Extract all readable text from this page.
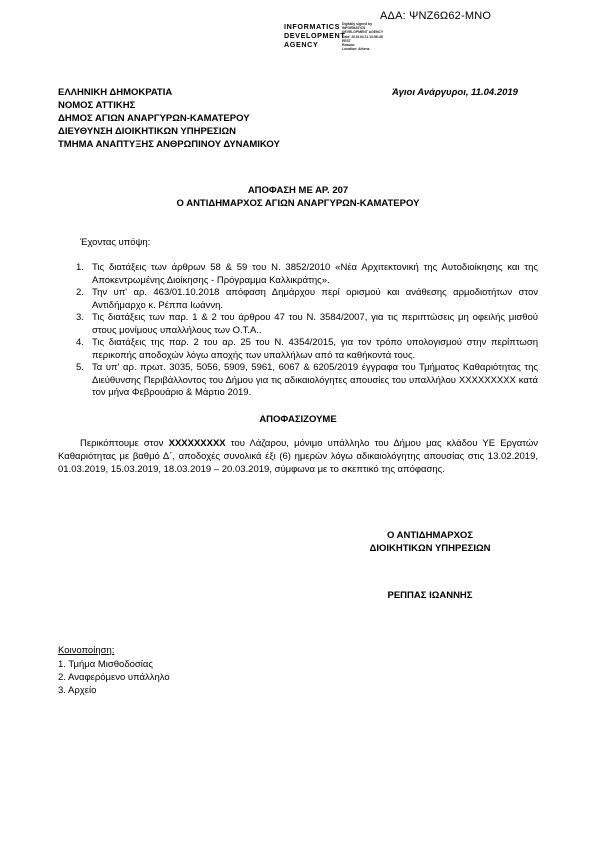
ΑΔΑ: ΨΝΖ6Ω62-ΜΝΟ
INFORMATICS
DEVELOPMENT
AGENCY
Digitally signed by
INFORMATICS
DEVELOPMENT AGENCY
Date: 2019.04.11 13:56:38
EEST
Reason:
Location: Athens
ΕΛΛΗΝΙΚΗ ΔΗΜΟΚΡΑΤΙΑ
ΝΟΜΟΣ ΑΤΤΙΚΗΣ
ΔΗΜΟΣ ΑΓΙΩΝ ΑΝΑΡΓΥΡΩΝ-ΚΑΜΑΤΕΡΟΥ
ΔΙΕΥΘΥΝΣΗ ΔΙΟΙΚΗΤΙΚΩΝ ΥΠΗΡΕΣΙΩΝ
ΤΜΗΜΑ ΑΝΑΠΤΥΞΗΣ ΑΝΘΡΩΠΙΝΟΥ ΔΥΝΑΜΙΚΟΥ
Άγιοι Ανάργυροι, 11.04.2019
ΑΠΟΦΑΣΗ ΜΕ ΑΡ. 207
Ο ΑΝΤΙΔΗΜΑΡΧΟΣ ΑΓΙΩΝ ΑΝΑΡΓΥΡΩΝ-ΚΑΜΑΤΕΡΟΥ
Έχοντας υπόψη:
1. Τις διατάξεις των άρθρων 58 & 59 του Ν. 3852/2010 «Νέα Αρχιτεκτονική της Αυτοδιοίκησης και της Αποκεντρωμένης Διοίκησης - Πρόγραμμα Καλλικράτης».
2. Την υπ' αρ. 463/01.10.2018 απόφαση Δημάρχου περί ορισμού και ανάθεσης αρμοδιοτήτων στον Αντιδήμαρχο κ. Ρέππα Ιωάννη.
3. Τις διατάξεις των παρ. 1 & 2 του άρθρου 47 του Ν. 3584/2007, για τις περιπτώσεις μη οφειλής μισθού στους μονίμους υπαλλήλους των Ο.Τ.Α..
4. Τις διατάξεις της παρ. 2 του αρ. 25 του Ν. 4354/2015, για τον τρόπο υπολογισμού στην περίπτωση περικοπής αποδοχών λόγω αποχής των υπαλλήλων από τα καθήκοντά τους.
5. Τα υπ' αρ. πρωτ. 3035, 5056, 5909, 5961, 6067 & 6205/2019 έγγραφα του Τμήματος Καθαριότητας της Διεύθυνσης Περιβάλλοντος του Δήμου για τις αδικαιολόγητες απουσίες του υπαλλήλου XXXXXXXXX κατά τον μήνα Φεβρουάριο & Μάρτιο 2019.
ΑΠΟΦΑΣΙΖΟΥΜΕ
Περικόπτουμε στον XXXXXXXXX του Λάζαρου, μόνιμο υπάλληλο του Δήμου μας κλάδου ΥΕ Εργατών Καθαριότητας με βαθμό Δ΄, αποδοχές συνολικά έξι (6) ημερών λόγω αδικαιολόγητης απουσίας στις 13.02.2019, 01.03.2019, 15.03.2019, 18.03.2019 – 20.03.2019, σύμφωνα με το σκεπτικό της απόφασης.
Ο ΑΝΤΙΔΗΜΑΡΧΟΣ
ΔΙΟΙΚΗΤΙΚΩΝ ΥΠΗΡΕΣΙΩΝ
ΡΕΠΠΑΣ ΙΩΑΝΝΗΣ
Κοινοποίηση:
1. Τμήμα Μισθοδοσίας
2. Αναφερόμενο υπάλληλο
3. Αρχείο
